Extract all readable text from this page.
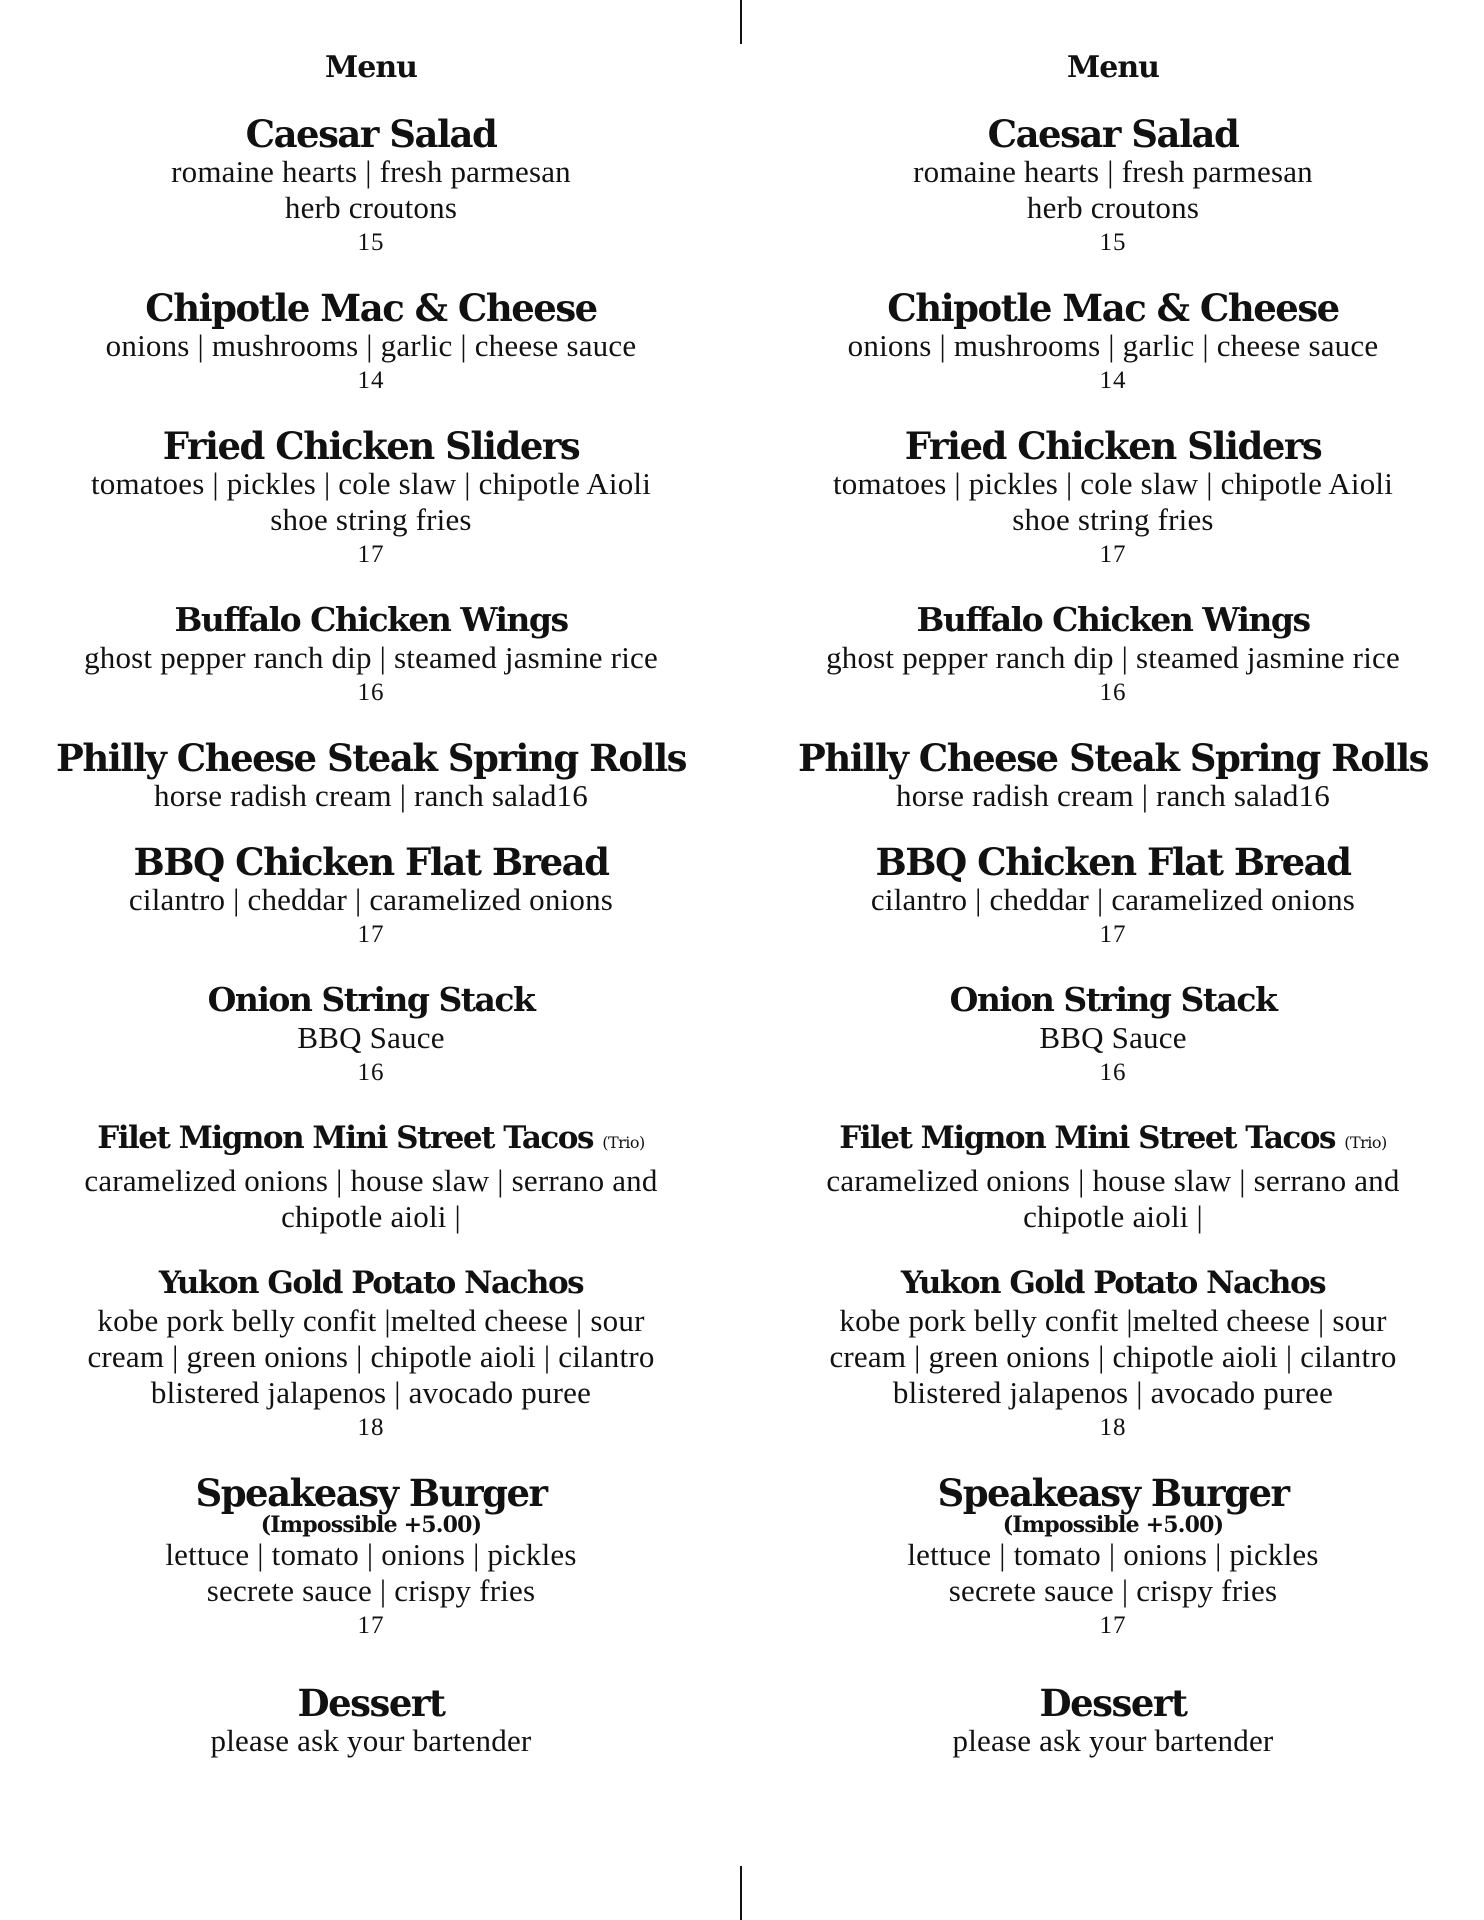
Menu
Caesar Salad
romaine hearts | fresh parmesan
herb croutons
15
Chipotle Mac & Cheese
onions | mushrooms | garlic | cheese sauce
14
Fried Chicken Sliders
tomatoes | pickles | cole slaw | chipotle Aioli
shoe string fries
17
Buffalo Chicken Wings
ghost pepper ranch dip | steamed jasmine rice
16
Philly Cheese Steak Spring Rolls
horse radish cream | ranch salad16
BBQ Chicken Flat Bread
cilantro | cheddar | caramelized onions
17
Onion String Stack
BBQ Sauce
16
Filet Mignon Mini Street Tacos (Trio)
caramelized onions | house slaw | serrano and
chipotle aioli |
Yukon Gold Potato Nachos
kobe pork belly confit |melted cheese | sour
cream | green onions | chipotle aioli | cilantro
blistered jalapenos | avocado puree
18
Speakeasy Burger
(Impossible +5.00)
lettuce | tomato | onions | pickles
secrete sauce | crispy fries
17
Dessert
please ask your bartender
Menu
Caesar Salad
romaine hearts | fresh parmesan
herb croutons
15
Chipotle Mac & Cheese
onions | mushrooms | garlic | cheese sauce
14
Fried Chicken Sliders
tomatoes | pickles | cole slaw | chipotle Aioli
shoe string fries
17
Buffalo Chicken Wings
ghost pepper ranch dip | steamed jasmine rice
16
Philly Cheese Steak Spring Rolls
horse radish cream | ranch salad16
BBQ Chicken Flat Bread
cilantro | cheddar | caramelized onions
17
Onion String Stack
BBQ Sauce
16
Filet Mignon Mini Street Tacos (Trio)
caramelized onions | house slaw | serrano and
chipotle aioli |
Yukon Gold Potato Nachos
kobe pork belly confit |melted cheese | sour
cream | green onions | chipotle aioli | cilantro
blistered jalapenos | avocado puree
18
Speakeasy Burger
(Impossible +5.00)
lettuce | tomato | onions | pickles
secrete sauce | crispy fries
17
Dessert
please ask your bartender
